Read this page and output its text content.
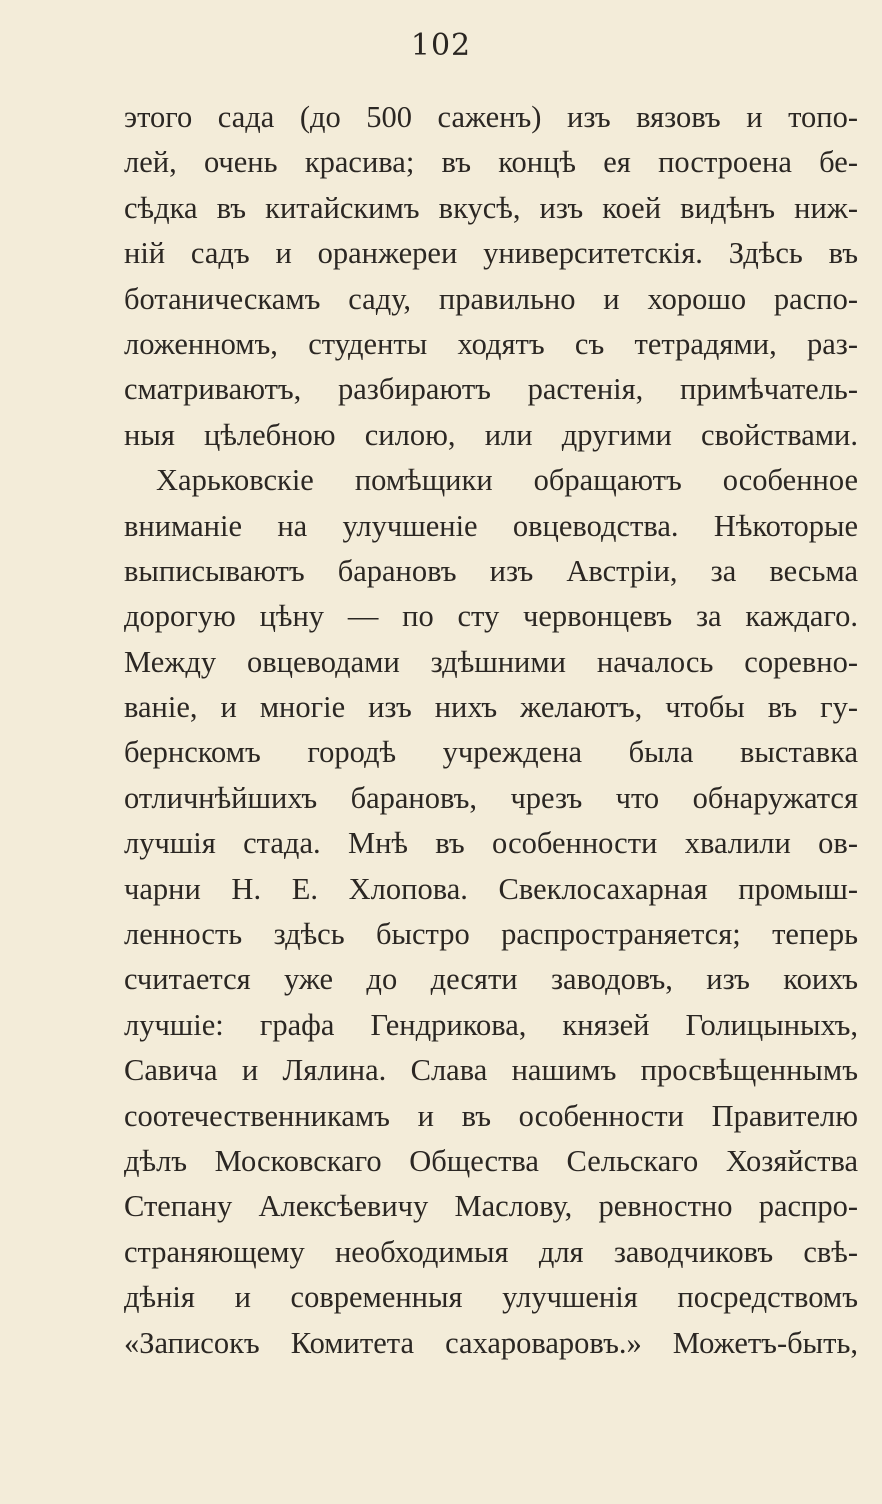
102
этого сада (до 500 саженъ) изъ вязовъ и топо-
лей, очень красива; въ концѣ ея построена бе-
сѣдка въ китайскимъ вкусѣ, изъ коей видѣнъ ниж-
ній садъ и оранжереи университетскія. Здѣсь въ
ботаническамъ саду, правильно и хорошо распо-
ложенномъ, студенты ходятъ съ тетрадями, раз-
сматриваютъ, разбираютъ растенія, примѣчатель-
ныя цѣлебною силою, или другими свойствами.
Харьковскіе помѣщики обращаютъ особенное
вниманіе на улучшеніе овцеводства. Нѣкоторые
выписываютъ барановъ изъ Австріи, за весьма
дорогую цѣну — по сту червонцевъ за каждаго.
Между овцеводами здѣшними началось соревно-
ваніе, и многіе изъ нихъ желаютъ, чтобы въ гу-
бернскомъ городѣ учреждена была выставка
отличнѣйшихъ барановъ, чрезъ что обнаружатся
лучшія стада. Мнѣ въ особенности хвалили ов-
чарни Н. Е. Хлопова. Свеклосахарная промыш-
ленность здѣсь быстро распространяется; теперь
считается уже до десяти заводовъ, изъ коихъ
лучшіе: графа Гендрикова, князей Голицыныхъ,
Савича и Лялина. Слава нашимъ просвѣщеннымъ
соотечественникамъ и въ особенности Правителю
дѣлъ Московскаго Общества Сельскаго Хозяйства
Степану Алексѣевичу Маслову, ревностно распро-
страняющему необходимыя для заводчиковъ свѣ-
дѣнія и современныя улучшенія посредствомъ
«Записокъ Комитета сахароваровъ.» Можетъ-быть,
